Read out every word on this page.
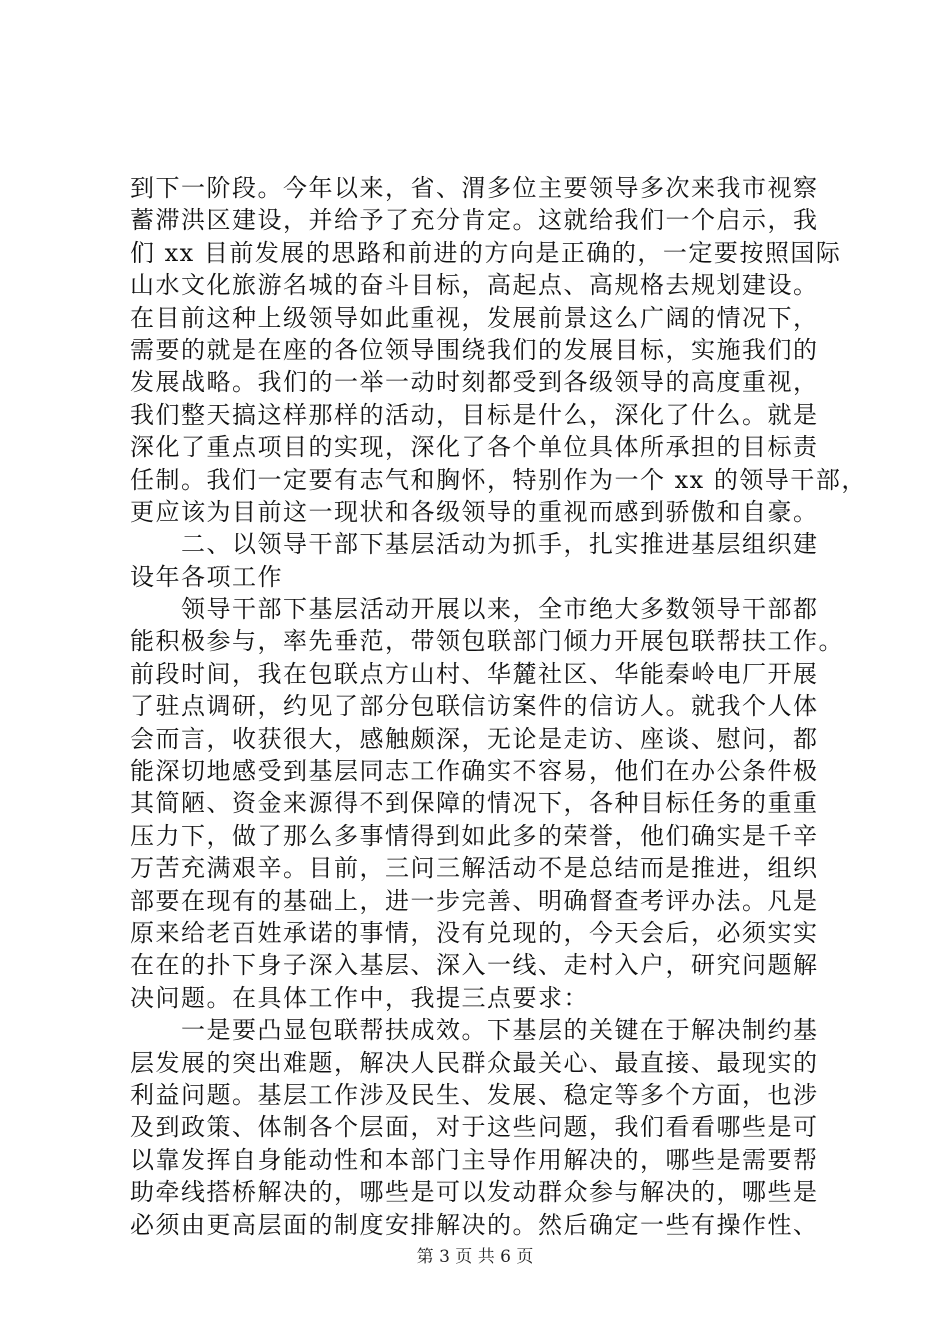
到下一阶段。今年以来，省、渭多位主要领导多次来我市视察
蓄滞洪区建设，并给予了充分肯定。这就给我们一个启示，我
们 xx 目前发展的思路和前进的方向是正确的，一定要按照国际
山水文化旅游名城的奋斗目标，高起点、高规格去规划建设。
在目前这种上级领导如此重视，发展前景这么广阔的情况下，
需要的就是在座的各位领导围绕我们的发展目标，实施我们的
发展战略。我们的一举一动时刻都受到各级领导的高度重视，
我们整天搞这样那样的活动，目标是什么，深化了什么。就是
深化了重点项目的实现，深化了各个单位具体所承担的目标责
任制。我们一定要有志气和胸怀，特别作为一个 xx 的领导干部，
更应该为目前这一现状和各级领导的重视而感到骄傲和自豪。
　　二、以领导干部下基层活动为抓手，扎实推进基层组织建
设年各项工作
　　领导干部下基层活动开展以来，全市绝大多数领导干部都
能积极参与，率先垂范，带领包联部门倾力开展包联帮扶工作。
前段时间，我在包联点方山村、华麓社区、华能秦岭电厂开展
了驻点调研，约见了部分包联信访案件的信访人。就我个人体
会而言，收获很大，感触颇深，无论是走访、座谈、慰问，都
能深切地感受到基层同志工作确实不容易，他们在办公条件极
其简陋、资金来源得不到保障的情况下，各种目标任务的重重
压力下，做了那么多事情得到如此多的荣誉，他们确实是千辛
万苦充满艰辛。目前，三问三解活动不是总结而是推进，组织
部要在现有的基础上，进一步完善、明确督查考评办法。凡是
原来给老百姓承诺的事情，没有兑现的，今天会后，必须实实
在在的扑下身子深入基层、深入一线、走村入户，研究问题解
决问题。在具体工作中，我提三点要求：
　　一是要凸显包联帮扶成效。下基层的关键在于解决制约基
层发展的突出难题，解决人民群众最关心、最直接、最现实的
利益问题。基层工作涉及民生、发展、稳定等多个方面，也涉
及到政策、体制各个层面，对于这些问题，我们看看哪些是可
以靠发挥自身能动性和本部门主导作用解决的，哪些是需要帮
助牵线搭桥解决的，哪些是可以发动群众参与解决的，哪些是
必须由更高层面的制度安排解决的。然后确定一些有操作性、
第 3 页 共 6 页
